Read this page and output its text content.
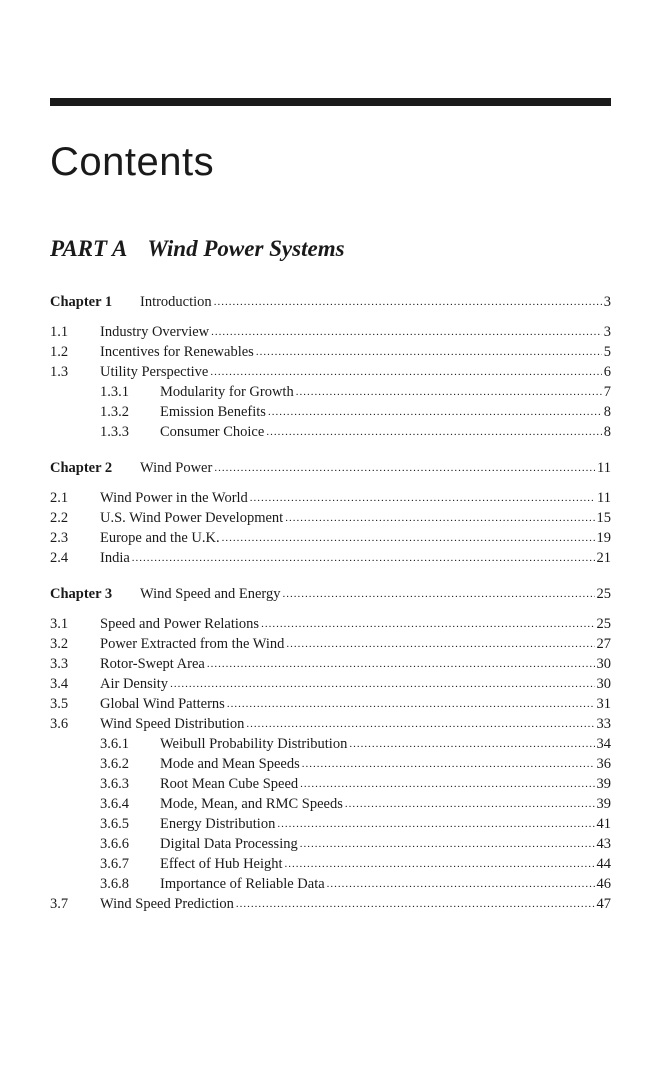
Contents
PART A Wind Power Systems
Chapter 1	Introduction .....	3
1.1	Industry Overview .....	3
1.2	Incentives for Renewables .....	5
1.3	Utility Perspective .....	6
1.3.1	Modularity for Growth .....	7
1.3.2	Emission Benefits .....	8
1.3.3	Consumer Choice .....	8
Chapter 2	Wind Power .....	11
2.1	Wind Power in the World .....	11
2.2	U.S. Wind Power Development .....	15
2.3	Europe and the U.K. .....	19
2.4	India .....	21
Chapter 3	Wind Speed and Energy .....	25
3.1	Speed and Power Relations .....	25
3.2	Power Extracted from the Wind .....	27
3.3	Rotor-Swept Area .....	30
3.4	Air Density .....	30
3.5	Global Wind Patterns .....	31
3.6	Wind Speed Distribution .....	33
3.6.1	Weibull Probability Distribution .....	34
3.6.2	Mode and Mean Speeds .....	36
3.6.3	Root Mean Cube Speed .....	39
3.6.4	Mode, Mean, and RMC Speeds .....	39
3.6.5	Energy Distribution .....	41
3.6.6	Digital Data Processing .....	43
3.6.7	Effect of Hub Height .....	44
3.6.8	Importance of Reliable Data .....	46
3.7	Wind Speed Prediction .....	47
